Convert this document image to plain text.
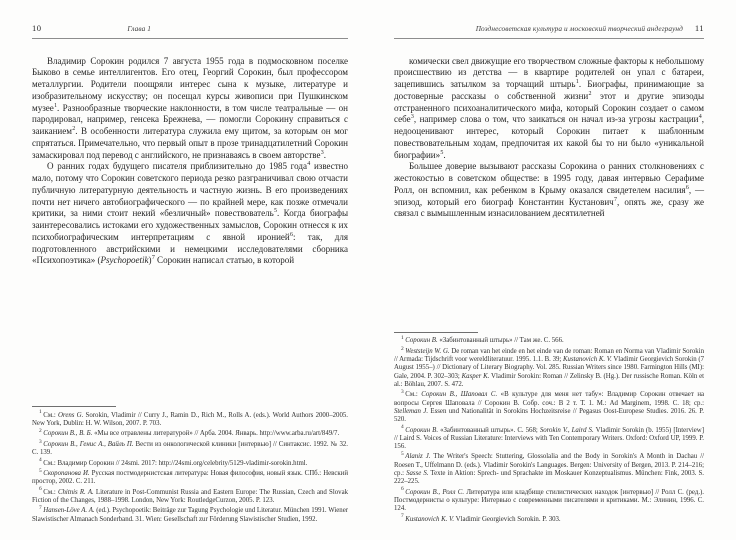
10	Глава 1

Владимир Сорокин родился 7 августа 1955 года в подмосковном поселке Быково в семье интеллигентов. Его отец, Георгий Сорокин, был профессором металлургии. Родители поощряли интерес сына к музыке, литературе и изобразительному искусству; он посещал курсы живописи при Пушкинском музее$^1$. Разнообразные творческие наклонности, в том числе театральные — он пародировал, например, генсека Брежнева, — помогли Сорокину справиться с заиканием$^2$. В особенности литература служила ему щитом, за которым он мог спрятаться. Примечательно, что первый опыт в прозе тринадцатилетний Сорокин замаскировал под перевод с английского, не признаваясь в своем авторстве$^3$.

О ранних годах будущего писателя приблизительно до 1985 года$^4$ известно мало, потому что Сорокин советского периода резко разграничивал свою отчасти публичную литературную деятельность и частную жизнь. В его произведениях почти нет ничего автобиографического — по крайней мере, как позже отмечали критики, за ними стоит некий «безличный» повествователь$^5$. Когда биографы заинтересовались истоками его художественных замыслов, Сорокин отнесся к их психобиографическим интерпретациям с явной иронией$^6$: так, для подготовленного австрийскими и немецкими исследователями сборника «Психопоэтика» (Psychopoetik)$^7$ Сорокин написал статью, в которой

$^1$ См.: Orens G. Sorokin, Vladimir // Curry J., Ramin D., Rich M., Rolls A. (eds.). World Authors 2000–2005. New York, Dublin: H. W. Wilson, 2007. P. 703.

$^2$ Сорокин В., В. Б. «Мы все отравлены литературой» // Арба. 2004. Январь. http://www.arba.ru/art/849/7.

$^3$ Сорокин В., Генис А., Вайль П. Вести из онкологической клиники [интервью] // Синтаксис. 1992. № 32. С. 139.

$^4$ См.: Владимир Сорокин // 24smi. 2017: http://24smi.org/celebrity/5129-vladimir-sorokin.html.

$^5$ Скоропанова И. Русская постмодернистская литература: Новая философия, новый язык. СПб.: Невский простор, 2002. С. 211.

$^6$ См.: Chitnis R. A. Literature in Post-Communist Russia and Eastern Europe: The Russian, Czech and Slovak Fiction of the Changes, 1988–1998. London, New York: RoutledgeCurzon, 2005. P. 123.

$^7$ Hansen-Löve A. A. (ed.). Psychopoetik: Beiträge zur Tagung Psychologie und Literatur. München 1991. Wiener Slawistischer Almanach Sonderband. 31. Wien: Gesellschaft zur Förderung Slawistischer Studien, 1992.

Позднесоветская культура и московский творческий андеграунд 11

комически свел движущие его творчеством сложные факторы к небольшому происшествию из детства — в квартире родителей он упал с батареи, зацепившись затылком за торчащий штырь$^1$. Биографы, принимающие за достоверные рассказы о собственной жизни$^2$ этот и другие эпизоды отстраненного психоаналитического мифа, который Сорокин создает о самом себе$^3$, например слова о том, что заикаться он начал из-за угрозы кастрации$^4$, недооценивают интерес, который Сорокин питает к шаблонным повествовательным ходам, предпочитая их какой бы то ни было «уникальной биографии»$^5$.

Большее доверие вызывают рассказы Сорокина о ранних столкновениях с жестокостью в советском обществе: в 1995 году, давая интервью Серафиме Ролл, он вспомнил, как ребенком в Крыму оказался свидетелем насилия$^6$, — эпизод, который его биограф Константин Кустанович$^7$, опять же, сразу же связал с вымышленным изнасилованием десятилетней

$^1$ Сорокин В. «Забинтованный штырь» // Там же. С. 566.

$^2$ Weststeijn W. G. De roman van het einde en het einde van de roman: Roman en Norma van Vladimir Sorokin // Armada: Tijdschrift voor wereldliteratuur. 1995. 1.1. B. 39; Kustanovich K. V. Vladimir Georgievich Sorokin (7 August 1955–) // Dictionary of Literary Biography. Vol. 285. Russian Writers since 1980. Farmington Hills (MI): Gale, 2004. P. 302–303; Kasper K. Vladimir Sorokin: Roman // Zelinsky B. (Hg.). Der russische Roman. Köln et al.: Böhlau, 2007. S. 472.

$^3$ См.: Сорокин В., Шаповал С. «В культуре для меня нет табу»: Владимир Сорокин отвечает на вопросы Сергея Шаповала // Сорокин В. Собр. соч.: В 2 т. Т. 1. М.: Ad Marginem, 1998. С. 18; ср.: Stelleman J. Essen und Nationalität in Sorokins Hochzeitsreise // Pegasus Oost-Europese Studies. 2016. 26. P. 520.

$^4$ Сорокин В. «Забинтованный штырь». С. 568; Sorokin V., Laird S. Vladimir Sorokin (b. 1955) [Interview] // Laird S. Voices of Russian Literature: Interviews with Ten Contemporary Writers. Oxford: Oxford UP, 1999. P. 156.

$^5$ Alaniz J. The Writer's Speech: Stuttering, Glossolalia and the Body in Sorokin's A Month in Dachau // Roesen T., Uffelmann D. (eds.). Vladimir Sorokin's Languages. Bergen: University of Bergen, 2013. P. 214–216; ср.: Sasse S. Texte in Aktion: Sprech- und Sprachakte im Moskauer Konzeptualismus. München: Fink, 2003. S. 222–225.

$^6$ Сорокин В., Ролл С. Литература или кладбище стилистических находок [интервью] // Ролл С. (ред.). Постмодернисты о культуре: Интервью с современными писателями и критиками. М.: Элинин, 1996. С. 124.

$^7$ Kustanovich K. V. Vladimir Georgievich Sorokin. P. 303.
